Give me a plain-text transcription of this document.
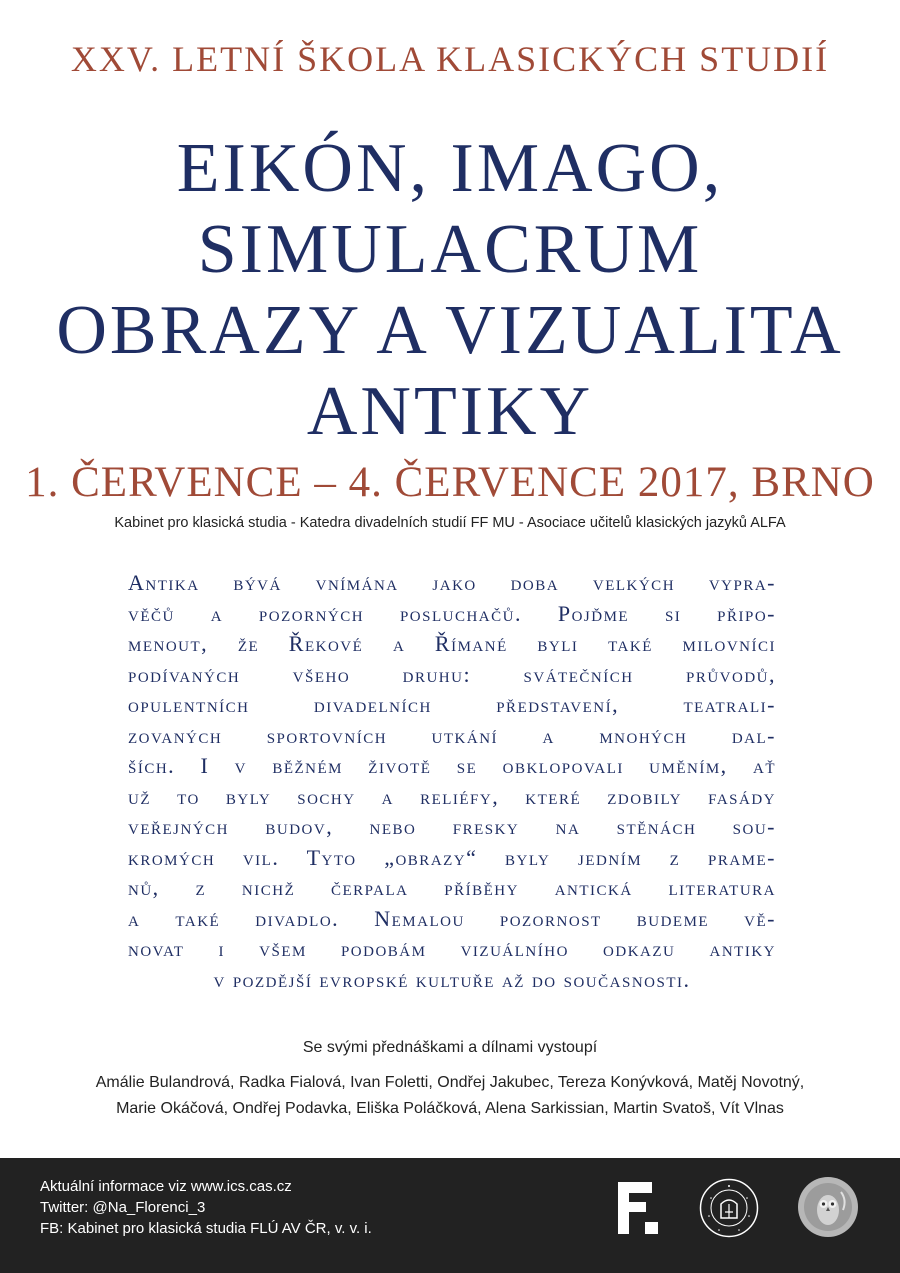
XXV. LETNÍ ŠKOLA KLASICKÝCH STUDIÍ
EIKÓN, IMAGO,
SIMULACRUM
OBRAZY A VIZUALITA
ANTIKY
1. ČERVENCE – 4. ČERVENCE 2017, BRNO
Kabinet pro klasická studia - Katedra divadelních studií FF MU - Asociace učitelů klasických jazyků ALFA
Antika bývá vnímána jako doba velkých vypra-
věčů a pozorných posluchačů. Pojďme si připo-
menout, že Řekové a Římané byli také milovníci
podívaných všeho druhu: svátečních průvodů,
opulentních divadelních představení, teatrali-
zovaných sportovních utkání a mnohých dal-
ších. I v běžném životě se obklopovali uměním, ať
už to byly sochy a reliéfy, které zdobily fasády
veřejných budov, nebo fresky na stěnách sou-
kromých vil. Tyto „obrazy“ byly jedním z prame-
nů, z nichž čerpala příběhy antická literatura
a také divadlo. Nemalou pozornost budeme vě-
novat i všem podobám vizuálního odkazu antiky
v pozdější evropské kultuře až do současnosti.
Se svými přednáškami a dílnami vystoupí
Amálie Bulandrová, Radka Fialová, Ivan Foletti, Ondřej Jakubec, Tereza Konývková, Matěj Novotný,
Marie Okáčová, Ondřej Podavka, Eliška Poláčková, Alena Sarkissian, Martin Svatoš, Vít Vlnas
Aktuální informace viz www.ics.cas.cz
Twitter: @Na_Florenci_3
FB: Kabinet pro klasická studia FLÚ AV ČR, v. v. i.
